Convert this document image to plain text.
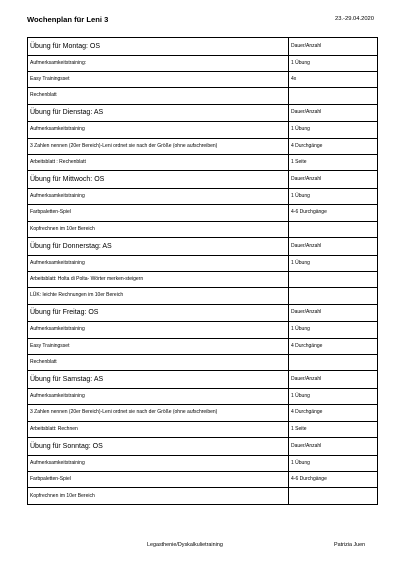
Wochenplan für Leni 3	23.-29.04.2020
Übung für Montag: OS	Dauer/Anzahl
Aufmerksamkeitstraining:	1 Übung
Easy Trainingsset	4x
Rechenblatt	
Übung für Dienstag: AS	Dauer/Anzahl
Aufmerksamkeitstraining	1 Übung
3 Zahlen nennen (20er Bereich)-Leni ordnet sie nach der Größe (ohne aufschreiben)	4 Durchgänge
Arbeitsblatt : Rechenblatt	1 Seite
Übung für Mittwoch: OS	Dauer/Anzahl
Aufmerksamkeitstraining	1 Übung
Farbpaletten-Spiel	4-6 Durchgänge
Kopfrechnen im 10er Bereich	
Übung für Donnerstag: AS	Dauer/Anzahl
Aufmerksamkeitstraining	1 Übung
Arbeitsblatt: Holta di Polta- Wörter merken-steigern	
LÜK: leichte Rechnungen im 10er Bereich	
Übung für Freitag: OS	Dauer/Anzahl
Aufmerksamkeitstraining	1 Übung
Easy Trainingsset	4 Durchgänge
Rechenblatt	
Übung für Samstag: AS	Dauer/Anzahl
Aufmerksamkeitstraining	1 Übung
3 Zahlen nennen (20er Bereich)-Leni ordnet sie nach der Größe (ohne aufschreiben)	4 Durchgänge
Arbeitsblatt: Rechnen	1 Seite
Übung für Sonntag: OS	Dauer/Anzahl
Aufmerksamkeitstraining	1 Übung
Farbpaletten-Spiel	4-6 Durchgänge
Kopfrechnen im 10er Bereich	
Legasthenie/Dyskalkulietraining	Patrizia Juen
